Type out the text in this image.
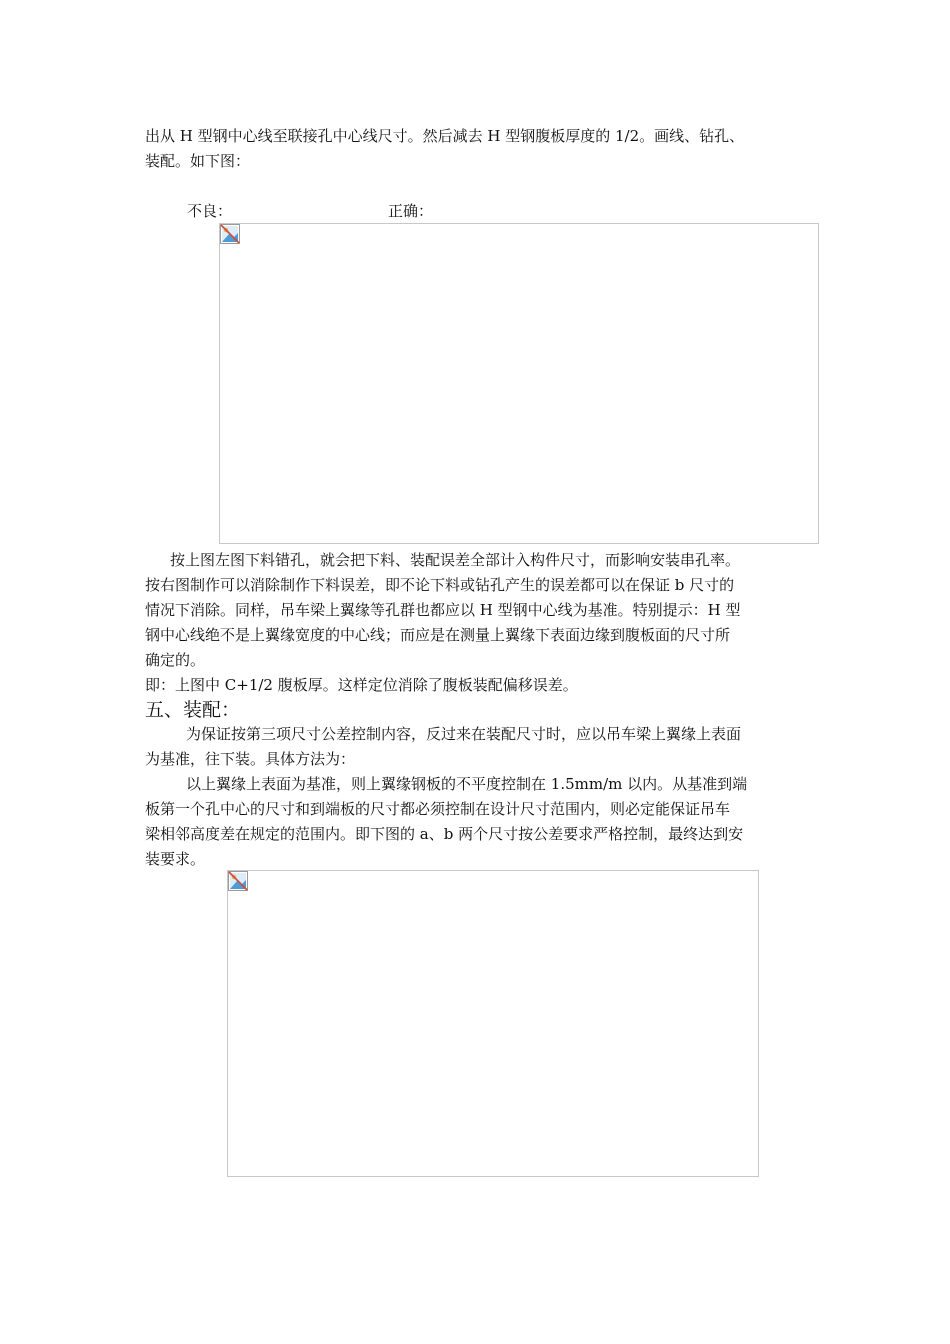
出从 H 型钢中心线至联接孔中心线尺寸。然后减去 H 型钢腹板厚度的 1/2。画线、钻孔、
装配。如下图：
不良：	正确：
按上图左图下料错孔，就会把下料、装配误差全部计入构件尺寸，而影响安装串孔率。
按右图制作可以消除制作下料误差，即不论下料或钻孔产生的误差都可以在保证 b 尺寸的
情况下消除。同样，吊车梁上翼缘等孔群也都应以 H 型钢中心线为基准。特别提示：H 型
钢中心线绝不是上翼缘宽度的中心线；而应是在测量上翼缘下表面边缘到腹板面的尺寸所
确定的。
即：上图中 C+1/2 腹板厚。这样定位消除了腹板装配偏移误差。
五、装配：
为保证按第三项尺寸公差控制内容，反过来在装配尺寸时，应以吊车梁上翼缘上表面
为基准，往下装。具体方法为：
以上翼缘上表面为基准，则上翼缘钢板的不平度控制在 1.5mm/m 以内。从基准到端
板第一个孔中心的尺寸和到端板的尺寸都必须控制在设计尺寸范围内，则必定能保证吊车
梁相邻高度差在规定的范围内。即下图的 a、b 两个尺寸按公差要求严格控制，最终达到安
装要求。
